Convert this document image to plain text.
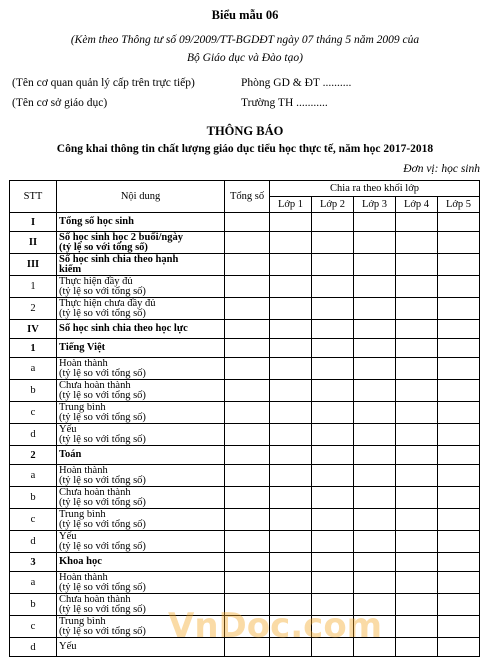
Biểu mẫu 06
(Kèm theo Thông tư số 09/2009/TT-BGDĐT ngày 07 tháng 5 năm 2009 của
Bộ Giáo dục và Đào tạo)
(Tên cơ quan quản lý cấp trên trực tiếp)	Phòng GD & ĐT ..........
(Tên cơ sở giáo dục)	Trường TH ...........
THÔNG BÁO
Công khai thông tin chất lượng giáo dục tiểu học thực tế, năm học 2017-2018
Đơn vị: học sinh
STT	Nội dung	Tổng số	Chia ra theo khối lớp				
			Lớp 1	Lớp 2	Lớp 3	Lớp 4	Lớp 5
I	Tổng số học sinh						

II	Số học sinh học 2 buổi/ngày
(tỷ lệ so với tổng số)						

III	Số học sinh chia theo hạnh
kiểm						

1	Thực hiện đầy đủ
(tỷ lệ so với tổng số)						

2	Thực hiện chưa đầy đủ
(tỷ lệ so với tổng số)						

IV	Số học sinh chia theo học lực						

1	Tiếng Việt						

a	Hoàn thành
(tỷ lệ so với tổng số)						

b	Chưa hoàn thành
(tỷ lệ so với tổng số)						

c	Trung bình
(tỷ lệ so với tổng số)						

d	Yếu
(tỷ lệ so với tổng số)						

2	Toán						

a	Hoàn thành
(tỷ lệ so với tổng số)						

b	Chưa hoàn thành
(tỷ lệ so với tổng số)						

c	Trung bình
(tỷ lệ so với tổng số)						

d	Yếu
(tỷ lệ so với tổng số)						

3	Khoa học						

a	Hoàn thành
(tỷ lệ so với tổng số)						

b	Chưa hoàn thành
(tỷ lệ so với tổng số)						

c	Trung bình
(tỷ lệ so với tổng số)						

d	Yếu						

VnDoc.com
